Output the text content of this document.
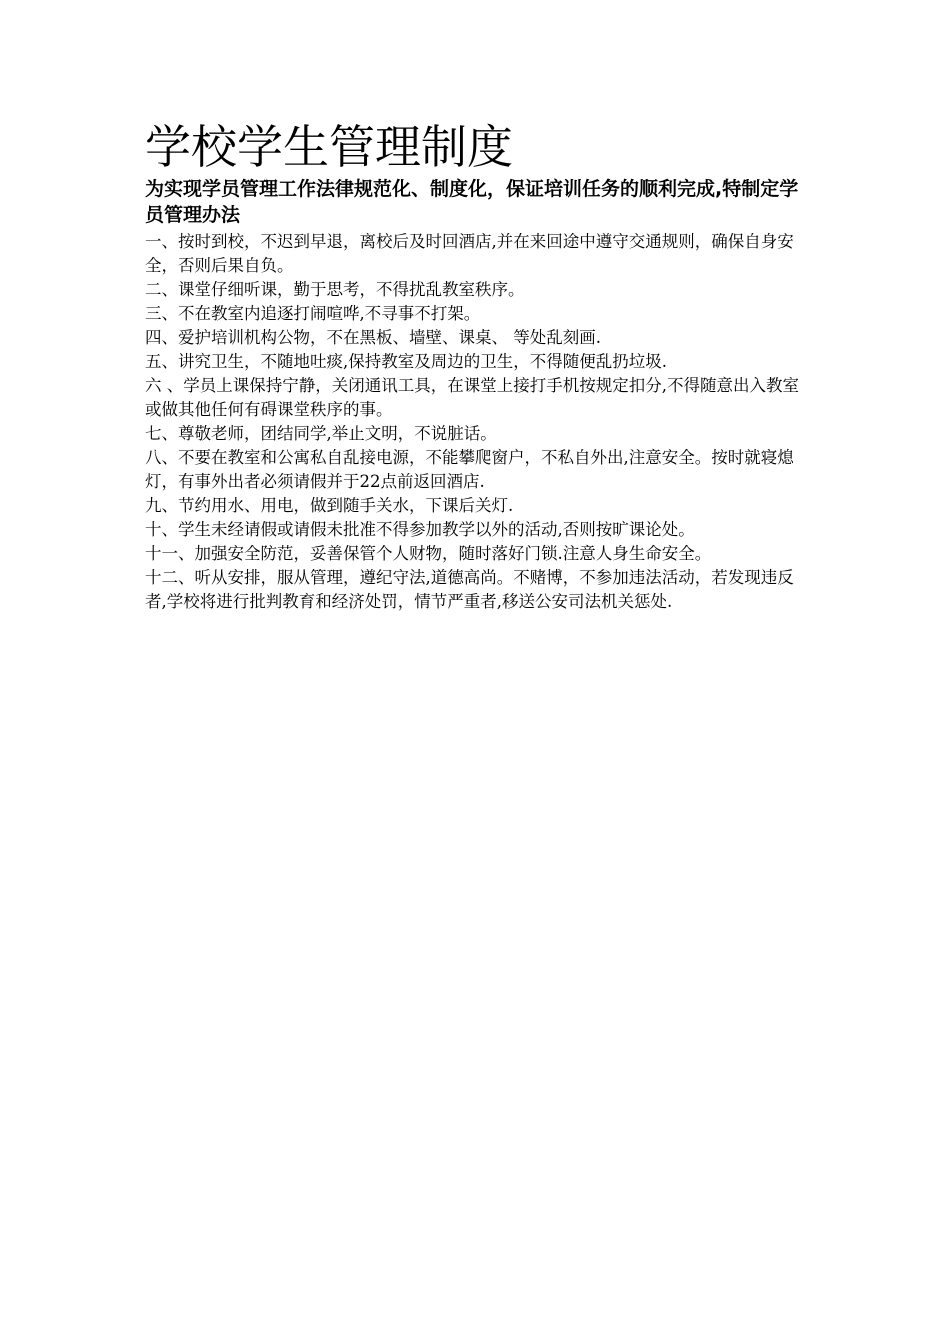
学校学生管理制度

为实现学员管理工作法律规范化、制度化，保证培训任务的顺利完成,特制定学员管理办法

一、按时到校，不迟到早退，离校后及时回酒店,并在来回途中遵守交通规则，确保自身安全，否则后果自负。

二、课堂仔细听课，勤于思考，不得扰乱教室秩序。

三、不在教室内追逐打闹喧哗,不寻事不打架。

四、爱护培训机构公物，不在黑板、墙壁、课桌、 等处乱刻画.

五、讲究卫生，不随地吐痰,保持教室及周边的卫生，不得随便乱扔垃圾.

六 、学员上课保持宁静，关闭通讯工具，在课堂上接打手机按规定扣分,不得随意出入教室或做其他任何有碍课堂秩序的事。

七、尊敬老师，团结同学,举止文明，不说脏话。

八、不要在教室和公寓私自乱接电源，不能攀爬窗户，不私自外出,注意安全。按时就寝熄灯，有事外出者必须请假并于22点前返回酒店.

九、节约用水、用电，做到随手关水，下课后关灯.

十、学生未经请假或请假未批准不得参加教学以外的活动,否则按旷课论处。

十一、加强安全防范，妥善保管个人财物，随时落好门锁.注意人身生命安全。

十二、听从安排，服从管理，遵纪守法,道德高尚。不赌博，不参加违法活动，若发现违反者,学校将进行批判教育和经济处罚，情节严重者,移送公安司法机关惩处.
